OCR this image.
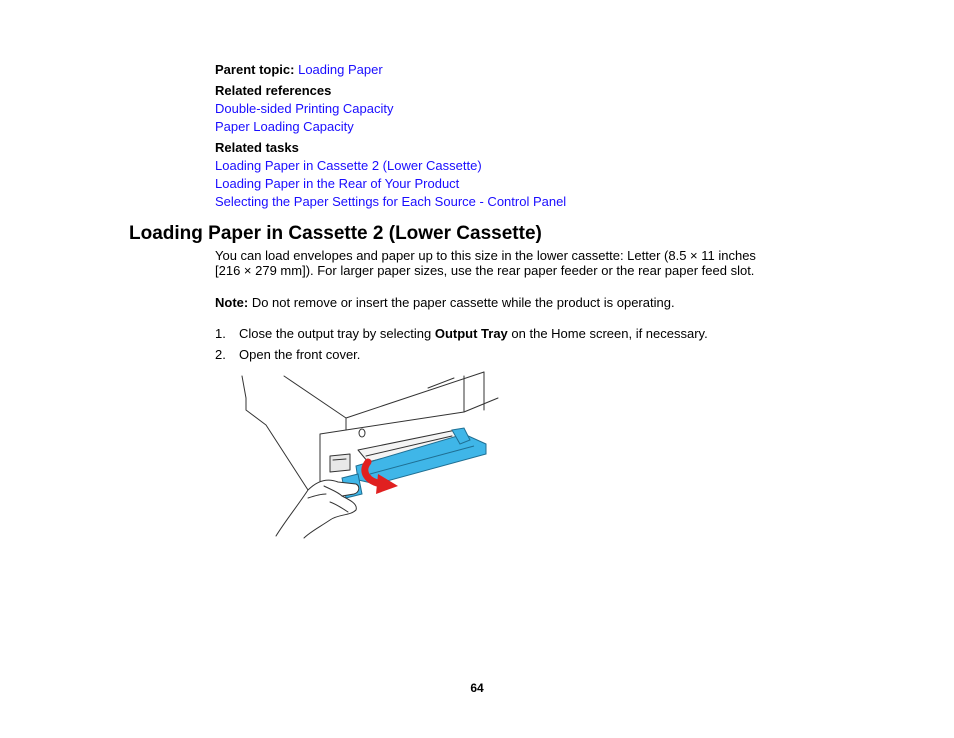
Parent topic: Loading Paper
Related references
Double-sided Printing Capacity
Paper Loading Capacity
Related tasks
Loading Paper in Cassette 2 (Lower Cassette)
Loading Paper in the Rear of Your Product
Selecting the Paper Settings for Each Source - Control Panel
Loading Paper in Cassette 2 (Lower Cassette)

You can load envelopes and paper up to this size in the lower cassette: Letter (8.5 × 11 inches

[216 × 279 mm]). For larger paper sizes, use the rear paper feeder or the rear paper feed slot.

Note: Do not remove or insert the paper cassette while the product is operating.

1. Close the output tray by selecting Output Tray on the Home screen, if necessary.
2. Open the front cover.
64
